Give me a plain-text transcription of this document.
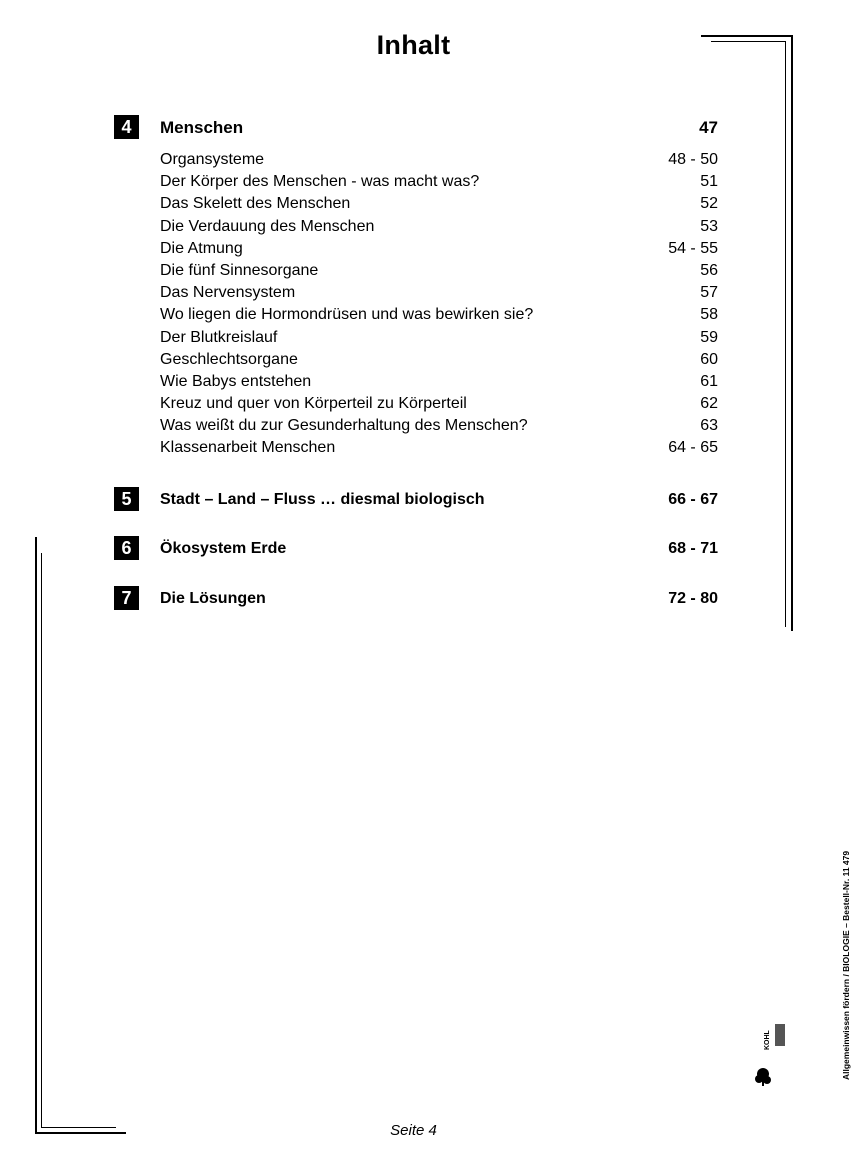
Inhalt
4	Menschen	47
Organsysteme	48 - 50
Der Körper des Menschen - was macht was?	51
Das Skelett des Menschen	52
Die Verdauung des Menschen	53
Die Atmung	54 - 55
Die fünf Sinnesorgane	56
Das Nervensystem	57
Wo liegen die Hormondrüsen und was bewirken sie?	58
Der Blutkreislauf	59
Geschlechtsorgane	60
Wie Babys entstehen	61
Kreuz und quer von Körperteil zu Körperteil	62
Was weißt du zur Gesunderhaltung des Menschen?	63
Klassenarbeit Menschen	64 - 65
5	Stadt – Land – Fluss … diesmal biologisch	66 - 67
6	Ökosystem Erde	68 - 71
7	Die Lösungen	72 - 80
Allgemeinwissen fördern / BIOLOGIE – Bestell-Nr. 11 479
KOHL
Seite 4
